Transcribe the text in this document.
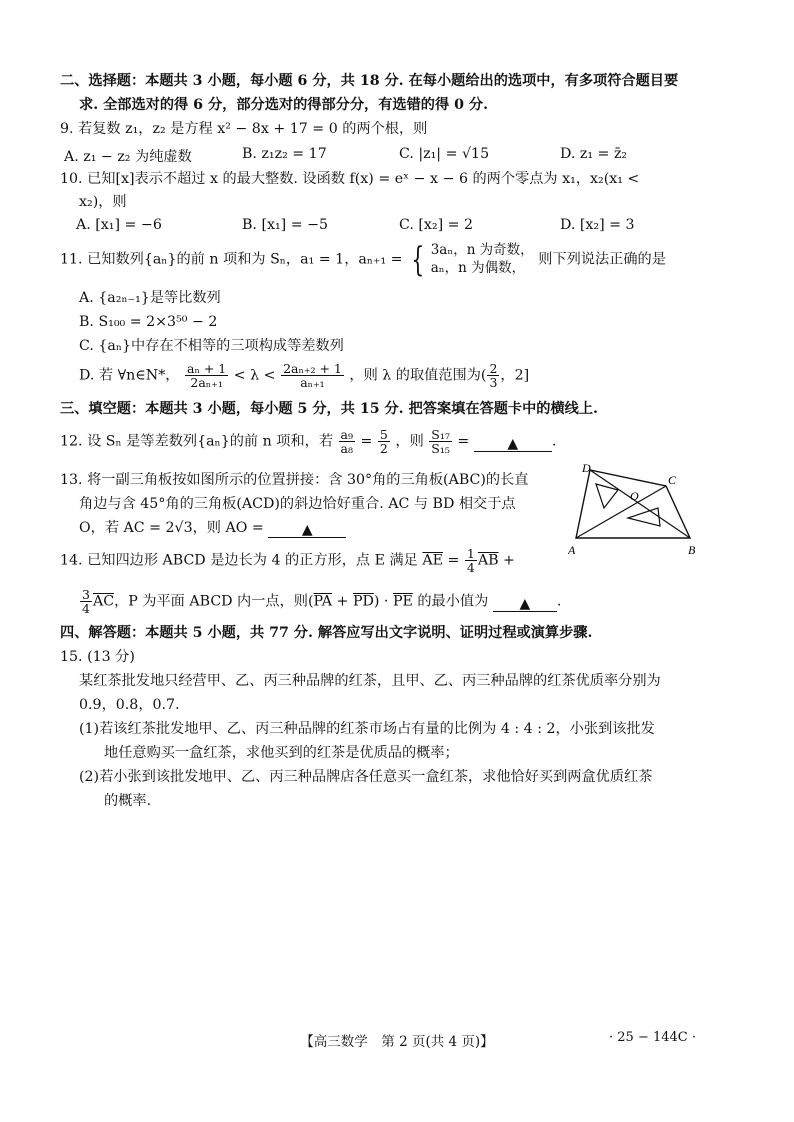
二、选择题：本题共 3 小题，每小题 6 分，共 18 分. 在每小题给出的选项中，有多项符合题目要
求. 全部选对的得 6 分，部分选对的得部分分，有选错的得 0 分.
9. 若复数 z₁，z₂ 是方程 x² − 8x + 17 = 0 的两个根，则
A. z₁ − z₂ 为纯虚数	B. z₁z₂ = 17	C. |z₁| = √15	D. z₁ = z̄₂
10. 已知[x]表示不超过 x 的最大整数. 设函数 f(x) = eˣ − x − 6 的两个零点为 x₁，x₂(x₁ <
x₂)，则
A. [x₁] = −6	B. [x₁] = −5	C. [x₂] = 2	D. [x₂] = 3
11. 已知数列{aₙ}的前 n 项和为 Sₙ，a₁ = 1，aₙ₊₁ = { 3aₙ，n 为奇数，
aₙ，n 为偶数， 则下列说法正确的是
A. {a₂ₙ₋₁}是等比数列
B. S₁₀₀ = 2×3⁵⁰ − 2
C. {aₙ}中存在不相等的三项构成等差数列
D. 若 ∀n∈N*， $\frac{\text{aₙ + 1}}{\text{2aₙ₊₁}} < \lambda < \frac{\text{2aₙ₊₂ + 1}}{\text{aₙ₊₁}}$ ，则 λ 的取值范围为( $\frac{2}{3}$ ，2]
三、填空题：本题共 3 小题，每小题 5 分，共 15 分. 把答案填在答题卡中的横线上.
12. 设 Sₙ 是等差数列{aₙ}的前 n 项和，若 $\frac{\text{a₉}}{\text{a₈}} = \frac{5}{2}$ ，则 $\frac{\text{S₁₇}}{\text{S₁₅}}$ =	▲ .
13. 将一副三角板按如图所示的位置拼接：含 30°角的三角板(ABC)的长直
角边与含 45°角的三角板(ACD)的斜边恰好重合. AC 与 BD 相交于点
O，若 AC = 2√3，则 AO =	▲
A	B
C
D
O
14. 已知四边形 ABCD 是边长为 4 的正方形，点 E 满足 $\overline{AE} = \frac{1}{4} \overline{AB}$ +
$\frac{3}{4} \overline{AC}$，P 为平面 ABCD 内一点，则$(\overline{PA} + \overline{PD}) \cdot \overline{PE}$ 的最小值为 ▲ .
四、解答题：本题共 5 小题，共 77 分. 解答应写出文字说明、证明过程或演算步骤.
15. (13 分)
某红茶批发地只经营甲、乙、丙三种品牌的红茶，且甲、乙、丙三种品牌的红茶优质率分别为
0.9，0.8，0.7.
(1)若该红茶批发地甲、乙、丙三种品牌的红茶市场占有量的比例为 4 : 4 : 2，小张到该批发
地任意购买一盒红茶，求他买到的红茶是优质品的概率；
(2)若小张到该批发地甲、乙、丙三种品牌店各任意买一盒红茶，求他恰好买到两盒优质红茶
的概率.
【高三数学　第 2 页(共 4 页)】	· 25 − 144C ·
